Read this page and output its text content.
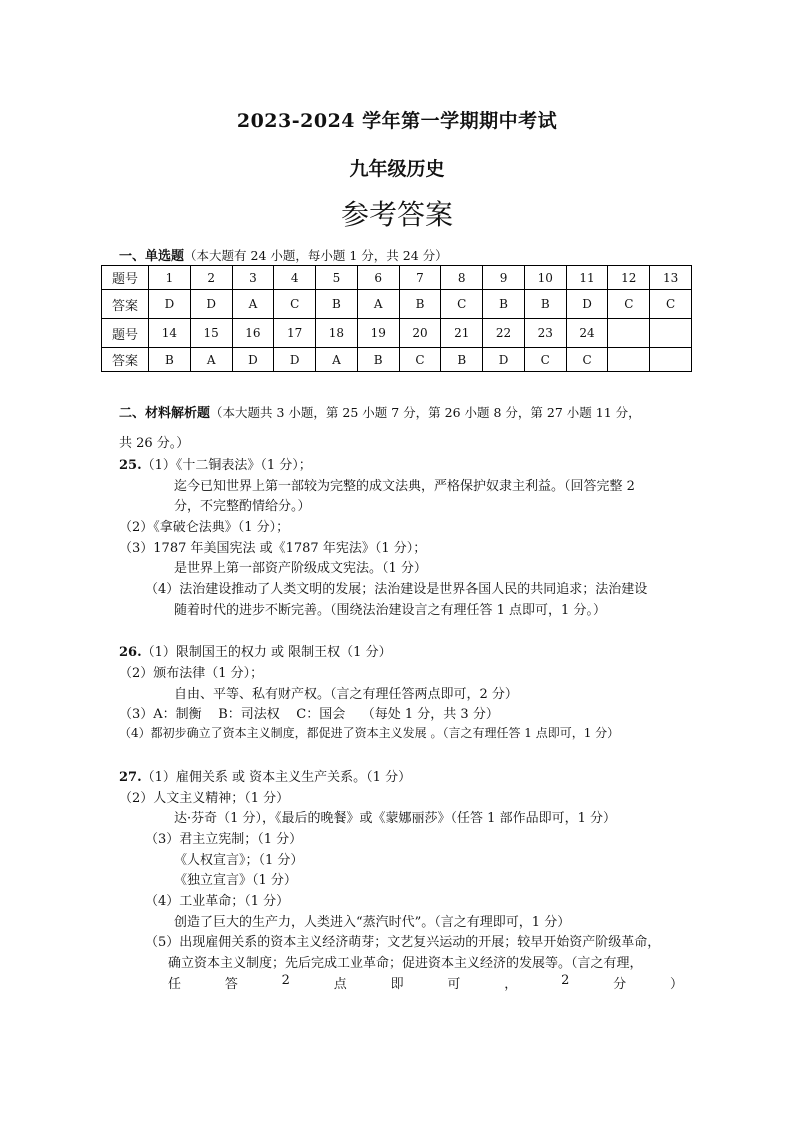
2023-2024 学年第一学期期中考试
九年级历史
参考答案
一、单选题（本大题有 24 小题，每小题 1 分，共 24 分）
题号	1	2	3	4	5	6	7	8	9	10	11	12	13
答案	D	D	A	C	B	A	B	C	B	B	D	C	C
题号	14	15	16	17	18	19	20	21	22	23	24		
答案	B	A	D	D	A	B	C	B	D	C	C		
二、材料解析题（本大题共 3 小题，第 25 小题 7 分，第 26 小题 8 分，第 27 小题 11 分，
共 26 分。）
25.（1）《十二铜表法》（1 分）；
迄今已知世界上第一部较为完整的成文法典，严格保护奴隶主利益。（回答完整 2
分，不完整酌情给分。）
（2）《拿破仑法典》（1 分）；
（3）1787 年美国宪法 或《1787 年宪法》（1 分）；
是世界上第一部资产阶级成文宪法。（1 分）
（4）法治建设推动了人类文明的发展；法治建设是世界各国人民的共同追求；法治建设
随着时代的进步不断完善。（围绕法治建设言之有理任答 1 点即可，1 分。）
26.（1）限制国王的权力 或 限制王权（1 分）
（2）颁布法律（1 分）；
自由、平等、私有财产权。（言之有理任答两点即可，2 分）
（3）A：制衡    B：司法权    C：国会    （每处 1 分，共 3 分）
（4）都初步确立了资本主义制度，都促进了资本主义发展 。（言之有理任答 1 点即可，1 分）
27.（1）雇佣关系 或 资本主义生产关系。（1 分）
（2）人文主义精神；（1 分）
达·芬奇（1 分），《最后的晚餐》或《蒙娜丽莎》（任答 1 部作品即可，1 分）
（3）君主立宪制；（1 分）
《人权宣言》；（1 分）
《独立宣言》（1 分）
（4）工业革命；（1 分）
创造了巨大的生产力，人类进入“蒸汽时代”。（言之有理即可，1 分）
（5）出现雇佣关系的资本主义经济萌芽；文艺复兴运动的开展；较早开始资产阶级革命，
确立资本主义制度；先后完成工业革命；促进资本主义经济的发展等。（言之有理，
任	答	2	点	即	可	，	2	分	）
